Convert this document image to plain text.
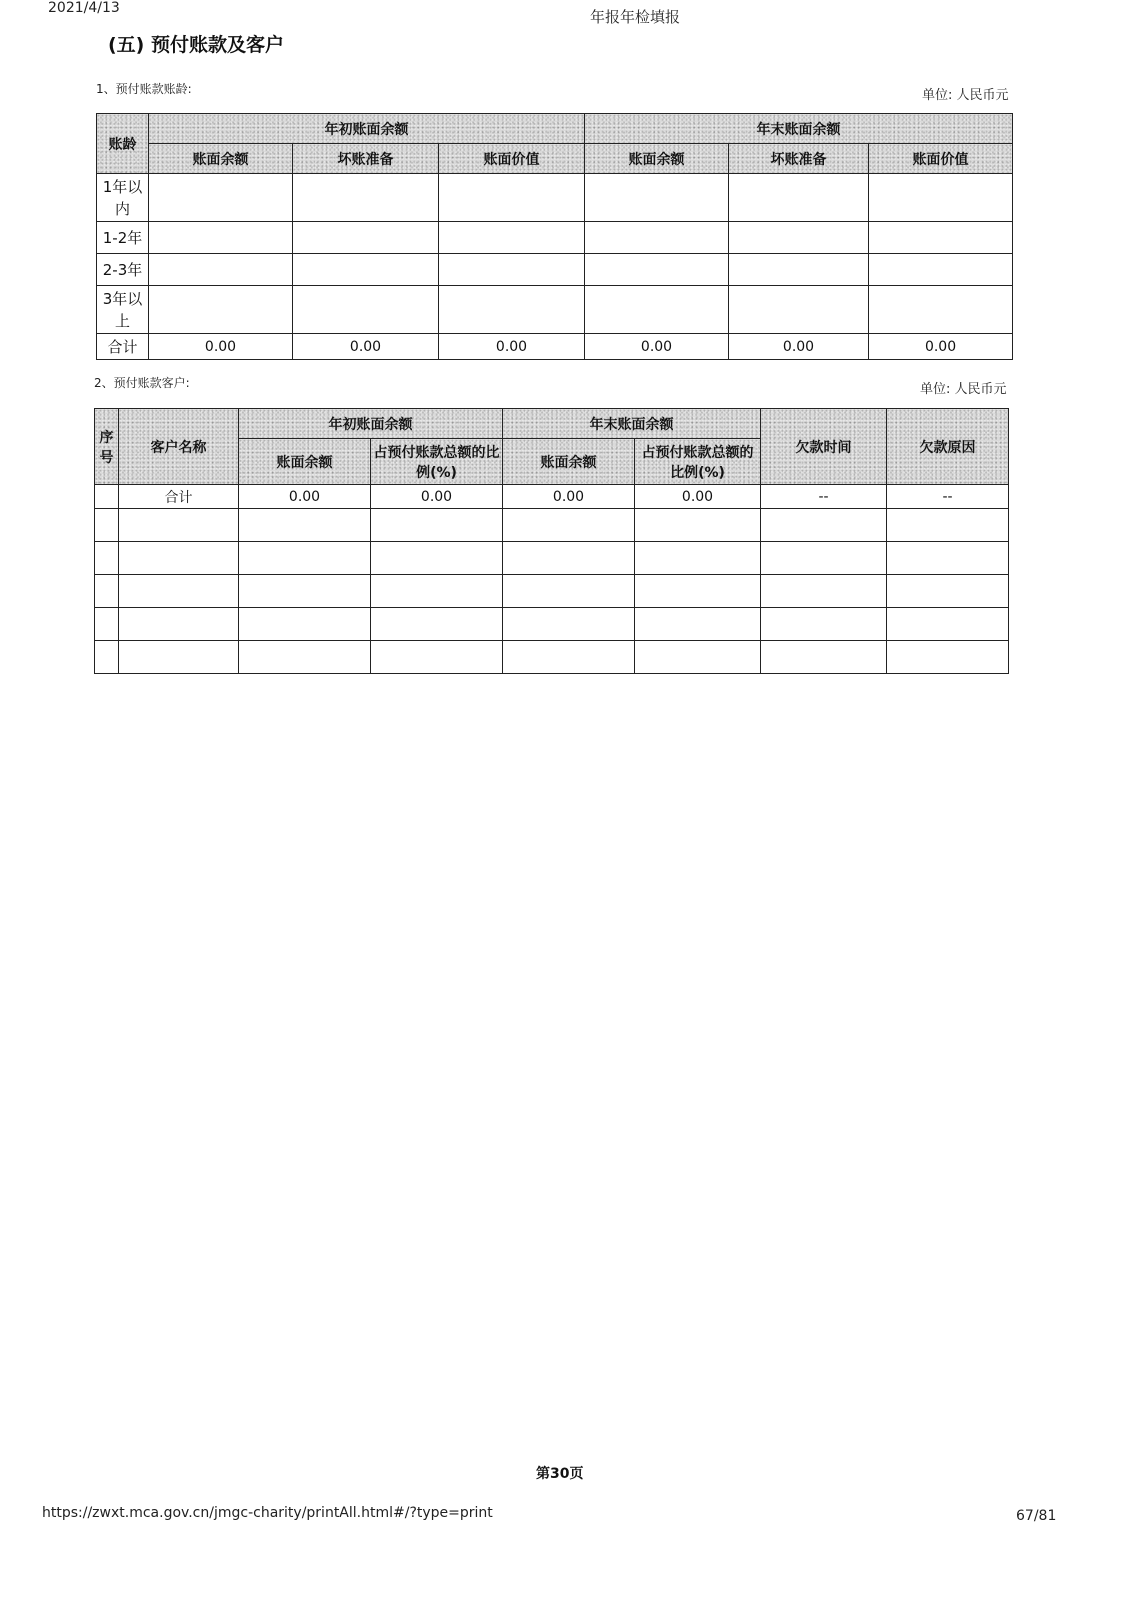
2021/4/13	年报年检填报
(五) 预付账款及客户
1、预付账款账龄:	单位: 人民币元
账龄	年初账面余额			年末账面余额		
	账面余额	坏账准备	账面价值	账面余额	坏账准备	账面价值
1年以内						
1-2年						
2-3年						
3年以上						
合计	0.00	0.00	0.00	0.00	0.00	0.00
2、预付账款客户:	单位: 人民币元
序号	客户名称	年初账面余额		年末账面余额		欠款时间	欠款原因
		账面余额	占预付账款总额的比例(%)	账面余额	占预付账款总额的比例(%)		
	合计	0.00	0.00	0.00	0.00	--	--

第30页
https://zwxt.mca.gov.cn/jmgc-charity/printAll.html#/?type=print	67/81
